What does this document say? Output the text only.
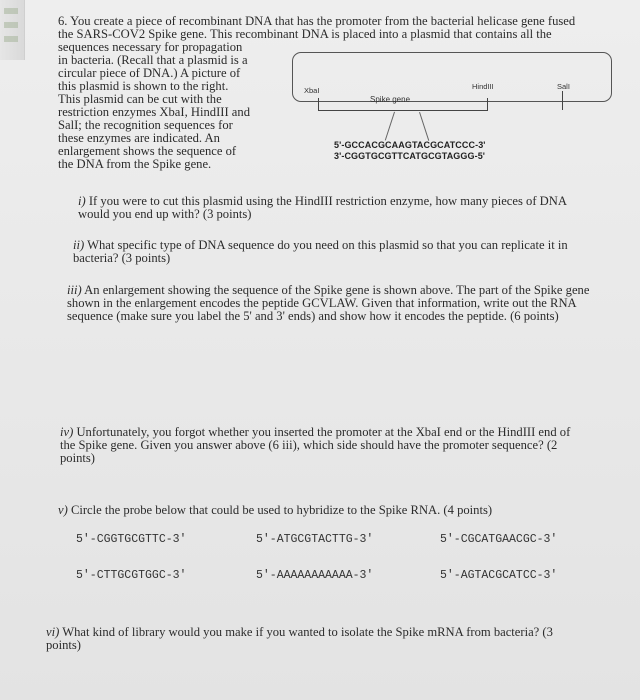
6. You create a piece of recombinant DNA that has the promoter from the bacterial helicase gene fused
the SARS-COV2 Spike gene. This recombinant DNA is placed into a plasmid that contains all the
sequences necessary for propagation
in bacteria. (Recall that a plasmid is a
circular piece of DNA.) A picture of
this plasmid is shown to the right.
This plasmid can be cut with the
restriction enzymes XbaI, HindIII and
SalI; the recognition sequences for
these enzymes are indicated. An
enlargement shows the sequence of
the DNA from the Spike gene.
XbaI	HindIII	SalI
Spike gene
5'-GCCACGCAAGTACGCATCCC-3'
3'-CGGTGCGTTCATGCGTAGGG-5'
i) If you were to cut this plasmid using the HindIII restriction enzyme, how many pieces of DNA
would you end up with? (3 points)
ii) What specific type of DNA sequence do you need on this plasmid so that you can replicate it in
bacteria? (3 points)
iii) An enlargement showing the sequence of the Spike gene is shown above. The part of the Spike gene
shown in the enlargement encodes the peptide GCVLAW. Given that information, write out the RNA
sequence (make sure you label the 5' and 3' ends) and show how it encodes the peptide. (6 points)
iv) Unfortunately, you forgot whether you inserted the promoter at the XbaI end or the HindIII end of
the Spike gene. Given you answer above (6 iii), which side should have the promoter sequence? (2
points)
v) Circle the probe below that could be used to hybridize to the Spike RNA. (4 points)
5'-CGGTGCGTTC-3'	5'-ATGCGTACTTG-3'	5'-CGCATGAACGC-3'
5'-CTTGCGTGGC-3'	5'-AAAAAAAAAAA-3'	5'-AGTACGCATCC-3'
vi) What kind of library would you make if you wanted to isolate the Spike mRNA from bacteria? (3
points)
